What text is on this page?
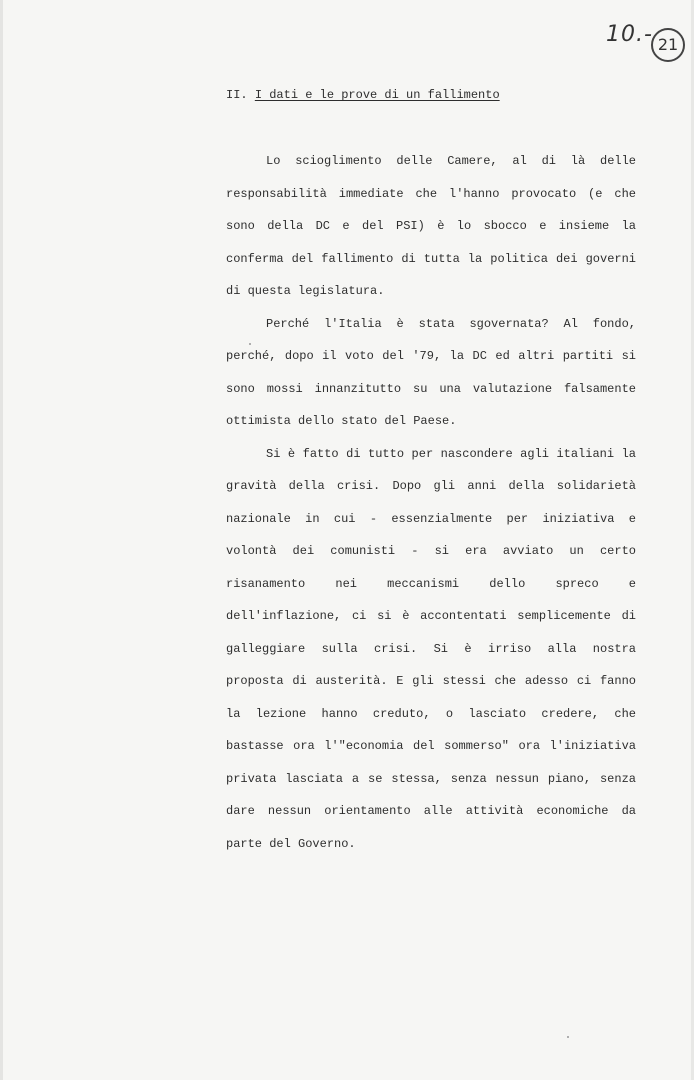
10.- 21
II. I dati e le prove di un fallimento

Lo scioglimento delle Camere, al di là delle responsabilità immediate che l'hanno provocato (e che sono della DC e del PSI) è lo sbocco e insieme la conferma del fallimento di tutta la politica dei governi di questa legislatura.

Perché l'Italia è stata sgovernata? Al fondo, perché, dopo il voto del '79, la DC ed altri partiti si sono mossi innanzitutto su una valutazione falsamente ottimista dello stato del Paese.

Si è fatto di tutto per nascondere agli italiani la gravità della crisi. Dopo gli anni della solidarietà nazionale in cui - essenzialmente per iniziativa e volontà dei comunisti - si era avviato un certo risanamento nei meccanismi dello spreco e dell'inflazione, ci si è accontentati semplicemente di galleggiare sulla crisi. Si è irriso alla nostra proposta di austerità. E gli stessi che adesso ci fanno la lezione hanno creduto, o lasciato credere, che bastasse ora l'"economia del sommerso" ora l'iniziativa privata lasciata a se stessa, senza nessun piano, senza dare nessun orientamento alle attività economiche da parte del Governo.
